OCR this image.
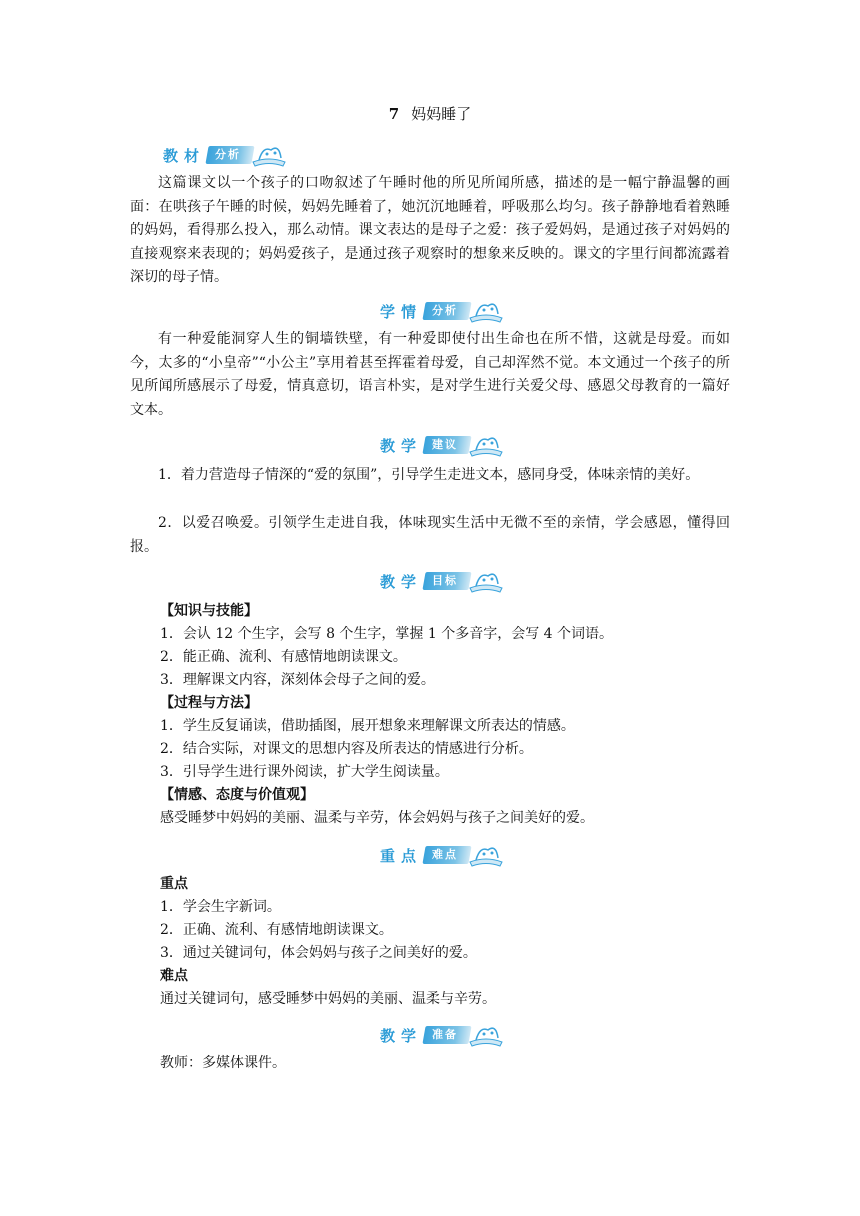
7 妈妈睡了
教材 分析
这篇课文以一个孩子的口吻叙述了午睡时他的所见所闻所感，描述的是一幅宁静温馨的画面：在哄孩子午睡的时候，妈妈先睡着了，她沉沉地睡着，呼吸那么均匀。孩子静静地看着熟睡的妈妈，看得那么投入，那么动情。课文表达的是母子之爱：孩子爱妈妈，是通过孩子对妈妈的直接观察来表现的；妈妈爱孩子，是通过孩子观察时的想象来反映的。课文的字里行间都流露着深切的母子情。
学情 分析
有一种爱能洞穿人生的铜墙铁壁，有一种爱即使付出生命也在所不惜，这就是母爱。而如今，太多的“小皇帝”“小公主”享用着甚至挥霍着母爱，自己却浑然不觉。本文通过一个孩子的所见所闻所感展示了母爱，情真意切，语言朴实，是对学生进行关爱父母、感恩父母教育的一篇好文本。
教学 建议
1．着力营造母子情深的“爱的氛围”，引导学生走进文本，感同身受，体味亲情的美好。
2．以爱召唤爱。引领学生走进自我，体味现实生活中无微不至的亲情，学会感恩，懂得回报。
教学 目标
【知识与技能】
1．会认 12 个生字，会写 8 个生字，掌握 1 个多音字，会写 4 个词语。
2．能正确、流利、有感情地朗读课文。
3．理解课文内容，深刻体会母子之间的爱。
【过程与方法】
1．学生反复诵读，借助插图，展开想象来理解课文所表达的情感。
2．结合实际，对课文的思想内容及所表达的情感进行分析。
3．引导学生进行课外阅读，扩大学生阅读量。
【情感、态度与价值观】
感受睡梦中妈妈的美丽、温柔与辛劳，体会妈妈与孩子之间美好的爱。
重点 难点
重点
1．学会生字新词。
2．正确、流利、有感情地朗读课文。
3．通过关键词句，体会妈妈与孩子之间美好的爱。
难点
通过关键词句，感受睡梦中妈妈的美丽、温柔与辛劳。
教学 准备
教师：多媒体课件。
